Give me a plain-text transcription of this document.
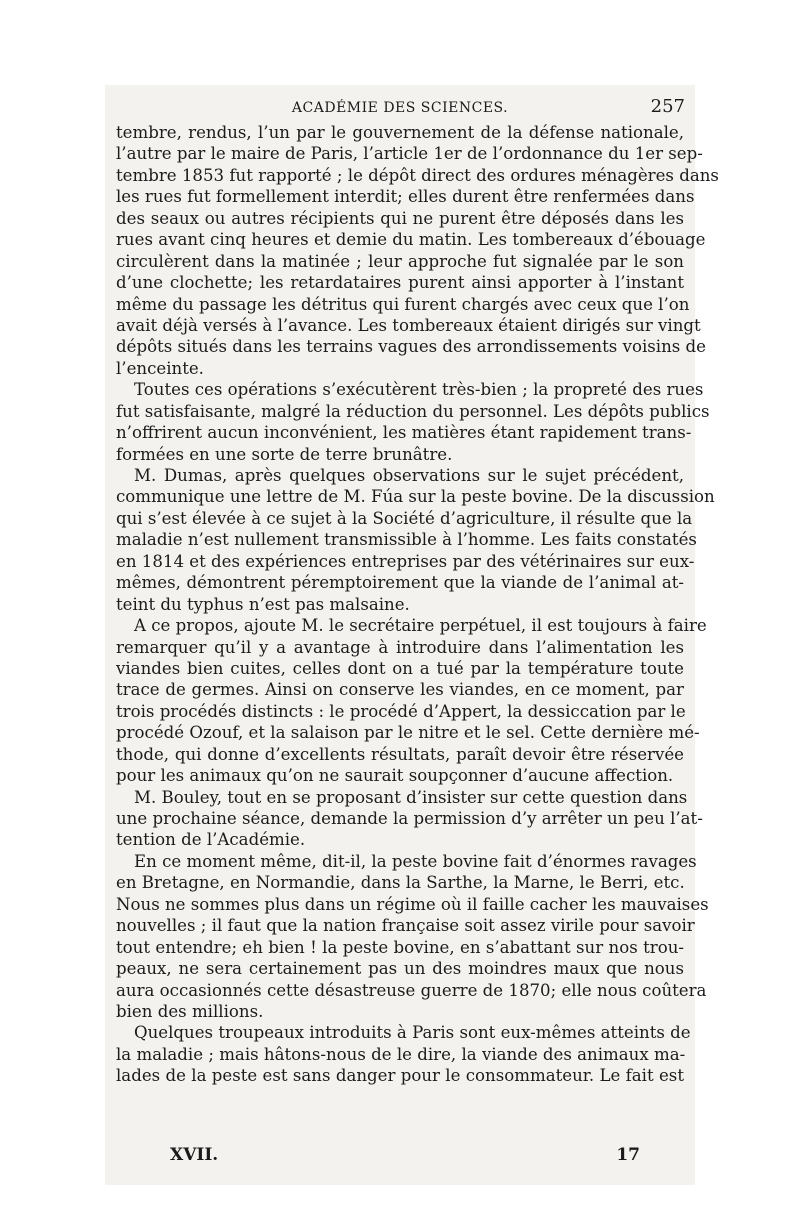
ACADÉMIE DES SCIENCES.	257
tembre, rendus, l’un par le gouvernement de la défense nationale,
l’autre par le maire de Paris, l’article 1er de l’ordonnance du 1er sep-
tembre 1853 fut rapporté ; le dépôt direct des ordures ménagères dans
les rues fut formellement interdit; elles durent être renfermées dans
des seaux ou autres récipients qui ne purent être déposés dans les
rues avant cinq heures et demie du matin. Les tombereaux d’ébouage
circulèrent dans la matinée ; leur approche fut signalée par le son
d’une clochette; les retardataires purent ainsi apporter à l’instant
même du passage les détritus qui furent chargés avec ceux que l’on
avait déjà versés à l’avance. Les tombereaux étaient dirigés sur vingt
dépôts situés dans les terrains vagues des arrondissements voisins de
l’enceinte.
Toutes ces opérations s’exécutèrent très-bien ; la propreté des rues
fut satisfaisante, malgré la réduction du personnel. Les dépôts publics
n’offrirent aucun inconvénient, les matières étant rapidement trans-
formées en une sorte de terre brunâtre.
M. Dumas, après quelques observations sur le sujet précédent,
communique une lettre de M. Fúa sur la peste bovine. De la discussion
qui s’est élevée à ce sujet à la Société d’agriculture, il résulte que la
maladie n’est nullement transmissible à l’homme. Les faits constatés
en 1814 et des expériences entreprises par des vétérinaires sur eux-
mêmes, démontrent péremptoirement que la viande de l’animal at-
teint du typhus n’est pas malsaine.
A ce propos, ajoute M. le secrétaire perpétuel, il est toujours à faire
remarquer qu’il y a avantage à introduire dans l’alimentation les
viandes bien cuites, celles dont on a tué par la température toute
trace de germes. Ainsi on conserve les viandes, en ce moment, par
trois procédés distincts : le procédé d’Appert, la dessiccation par le
procédé Ozouf, et la salaison par le nitre et le sel. Cette dernière mé-
thode, qui donne d’excellents résultats, paraît devoir être réservée
pour les animaux qu’on ne saurait soupçonner d’aucune affection.
M. Bouley, tout en se proposant d’insister sur cette question dans
une prochaine séance, demande la permission d’y arrêter un peu l’at-
tention de l’Académie.
En ce moment même, dit-il, la peste bovine fait d’énormes ravages
en Bretagne, en Normandie, dans la Sarthe, la Marne, le Berri, etc.
Nous ne sommes plus dans un régime où il faille cacher les mauvaises
nouvelles ; il faut que la nation française soit assez virile pour savoir
tout entendre; eh bien ! la peste bovine, en s’abattant sur nos trou-
peaux, ne sera certainement pas un des moindres maux que nous
aura occasionnés cette désastreuse guerre de 1870; elle nous coûtera
bien des millions.
Quelques troupeaux introduits à Paris sont eux-mêmes atteints de
la maladie ; mais hâtons-nous de le dire, la viande des animaux ma-
lades de la peste est sans danger pour le consommateur. Le fait est
XVII.	17
